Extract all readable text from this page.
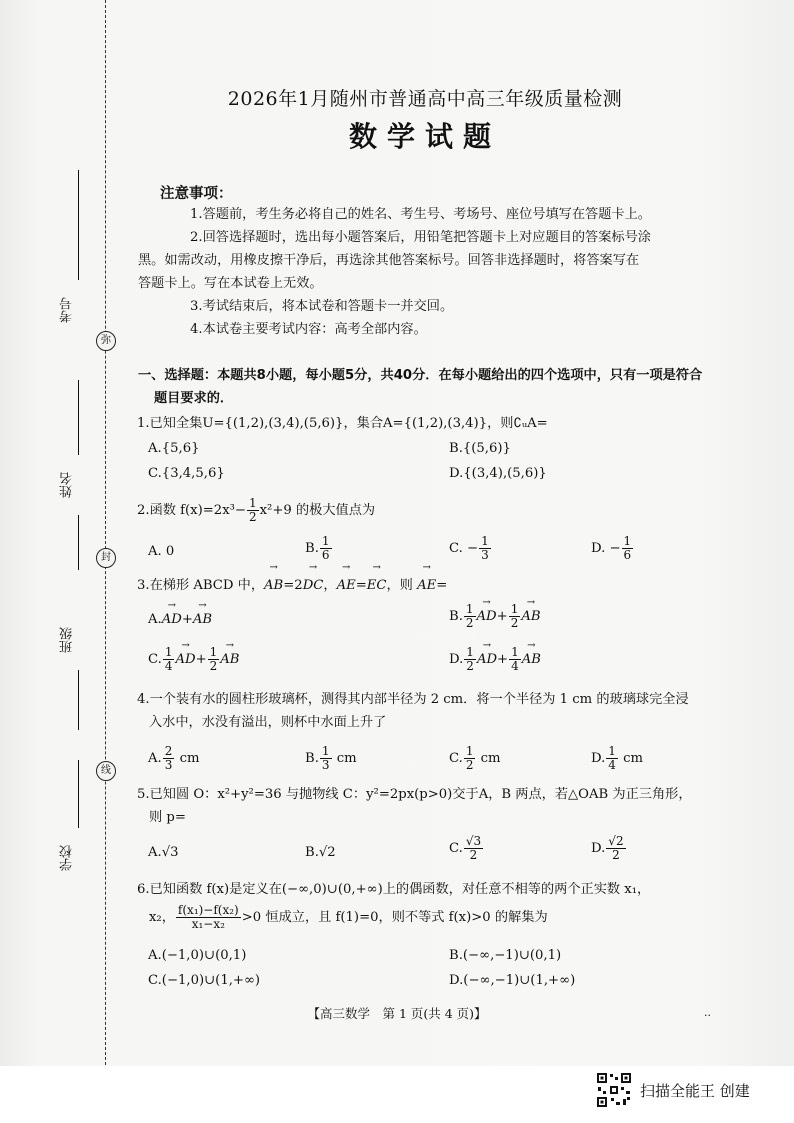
弥
封
线
考号
姓名
班级
学校
2026年1月随州市普通高中高三年级质量检测
数学试题
注意事项：
1.答题前，考生务必将自己的姓名、考生号、考场号、座位号填写在答题卡上。
2.回答选择题时，选出每小题答案后，用铅笔把答题卡上对应题目的答案标号涂
黑。如需改动，用橡皮擦干净后，再选涂其他答案标号。回答非选择题时，将答案写在
答题卡上。写在本试卷上无效。
3.考试结束后，将本试卷和答题卡一并交回。
4.本试卷主要考试内容：高考全部内容。
一、选择题：本题共8小题，每小题5分，共40分．在每小题给出的四个选项中，只有一项是符合
题目要求的．
1.已知全集U={(1,2),(3,4),(5,6)}，集合A={(1,2),(3,4)}，则∁ᵤA=
A.{5,6}	B.{(5,6)}
C.{3,4,5,6}	D.{(3,4),(5,6)}
2.函数 $f(x)=2x^3- \frac{1}{2} x^2+9$ 的极大值点为
A. 0	B. $\frac{1}{6}$	C. − $\frac{1}{3}$	D. − $\frac{1}{6}$
3.在梯形 ABCD 中，→ AB=2→ DC，→ AE=→ EC，则 → AE=
A.→ AD+→ AB	B. $\frac{1}{2}$
→ $AD+ \frac{1}{2}$
→ AB
C. $\frac{1}{4}$
→ $AD+ \frac{1}{2}$
→ AB	D. $\frac{1}{2}$
→ $AD+ \frac{1}{4}$
→ AB
4.一个装有水的圆柱形玻璃杯，测得其内部半径为 2 cm．将一个半径为 1 cm 的玻璃球完全浸
入水中，水没有溢出，则杯中水面上升了
A. $\frac{2}{3}$ cm	B. $\frac{1}{3}$ cm	C. $\frac{1}{2}$ cm	D. $\frac{1}{4}$ cm
5.已知圆 O：x²+y²=36 与抛物线 C：y²=2px(p>0)交于A，B 两点，若△OAB 为正三角形，
则 p=
A.√3	B.√2	C. $\frac{√3}{2}$	D. $\frac{√2}{2}$
6.已知函数 f(x)是定义在(−∞,0)∪(0,+∞)上的偶函数，对任意不相等的两个正实数 x₁，
x₂， $\frac{\text{f(x₁)−f(x₂)}}{\text{x₁−x₂}} >0$ 恒成立，且 f(1)=0，则不等式 f(x)>0 的解集为
A.(−1,0)∪(0,1)	B.(−∞,−1)∪(0,1)
C.(−1,0)∪(1,+∞)	D.(−∞,−1)∪(1,+∞)
【高三数学　第 1 页(共 4 页)】	..
扫描全能王 创建
